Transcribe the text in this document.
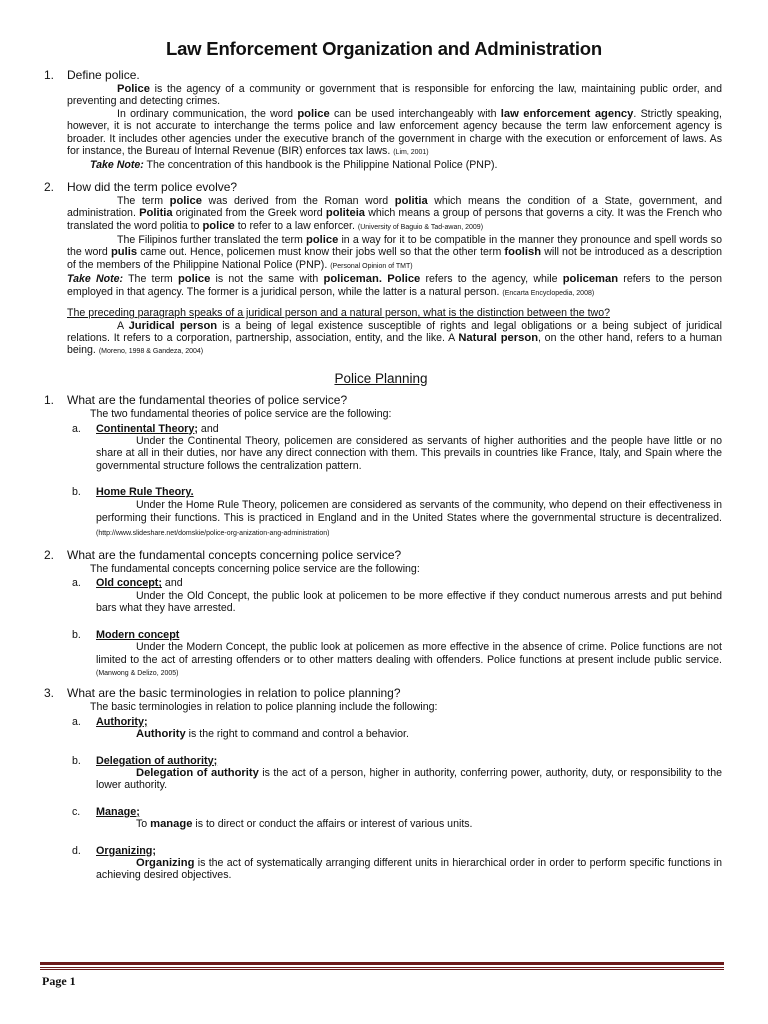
Law Enforcement Organization and Administration
1. Define police.

Police is the agency of a community or government that is responsible for enforcing the law, maintaining public order, and preventing and detecting crimes.

In ordinary communication, the word police can be used interchangeably with law enforcement agency. Strictly speaking, however, it is not accurate to interchange the terms police and law enforcement agency because the term law enforcement agency is broader. It includes other agencies under the executive branch of the government in charge with the execution or enforcement of laws. As for instance, the Bureau of Internal Revenue (BIR) enforces tax laws. (Lim, 2001)

Take Note: The concentration of this handbook is the Philippine National Police (PNP).

2. How did the term police evolve?

The term police was derived from the Roman word politia which means the condition of a State, government, and administration. Politia originated from the Greek word politeia which means a group of persons that governs a city. It was the French who translated the word politia to police to refer to a law enforcer. (University of Baguio & Tad-awan, 2009)

The Filipinos further translated the term police in a way for it to be compatible in the manner they pronounce and spell words so the word pulis came out. Hence, policemen must know their jobs well so that the other term foolish will not be introduced as a description of the members of the Philippine National Police (PNP). (Personal Opinion of TMT)

Take Note: The term police is not the same with policeman. Police refers to the agency, while policeman refers to the person employed in that agency. The former is a juridical person, while the latter is a natural person. (Encarta Encyclopedia, 2008)

The preceding paragraph speaks of a juridical person and a natural person, what is the distinction between the two?

A Juridical person is a being of legal existence susceptible of rights and legal obligations or a being subject of juridical relations. It refers to a corporation, partnership, association, entity, and the like. A Natural person, on the other hand, refers to a human being. (Moreno, 1998 & Gandeza, 2004)

Police Planning
1. What are the fundamental theories of police service?

The two fundamental theories of police service are the following:

a. Continental Theory; and

Under the Continental Theory, policemen are considered as servants of higher authorities and the people have little or no share at all in their duties, nor have any direct connection with them. This prevails in countries like France, Italy, and Spain where the governmental structure follows the centralization pattern.

b. Home Rule Theory.

Under the Home Rule Theory, policemen are considered as servants of the community, who depend on their effectiveness in performing their functions. This is practiced in England and in the United States where the governmental structure is decentralized. (http://www.slideshare.net/domskie/police-org-anization-ang-administration)

2. What are the fundamental concepts concerning police service?

The fundamental concepts concerning police service are the following:

a. Old concept; and

Under the Old Concept, the public look at policemen to be more effective if they conduct numerous arrests and put behind bars what they have arrested.

b. Modern concept

Under the Modern Concept, the public look at policemen as more effective in the absence of crime. Police functions are not limited to the act of arresting offenders or to other matters dealing with offenders. Police functions at present include public service. (Manwong & Delizo, 2005)

3. What are the basic terminologies in relation to police planning?

The basic terminologies in relation to police planning include the following:

a. Authority;

Authority is the right to command and control a behavior.

b. Delegation of authority;

Delegation of authority is the act of a person, higher in authority, conferring power, authority, duty, or responsibility to the lower authority.

c. Manage;

To manage is to direct or conduct the affairs or interest of various units.

d. Organizing;

Organizing is the act of systematically arranging different units in hierarchical order in order to perform specific functions in achieving desired objectives.

Page 1
